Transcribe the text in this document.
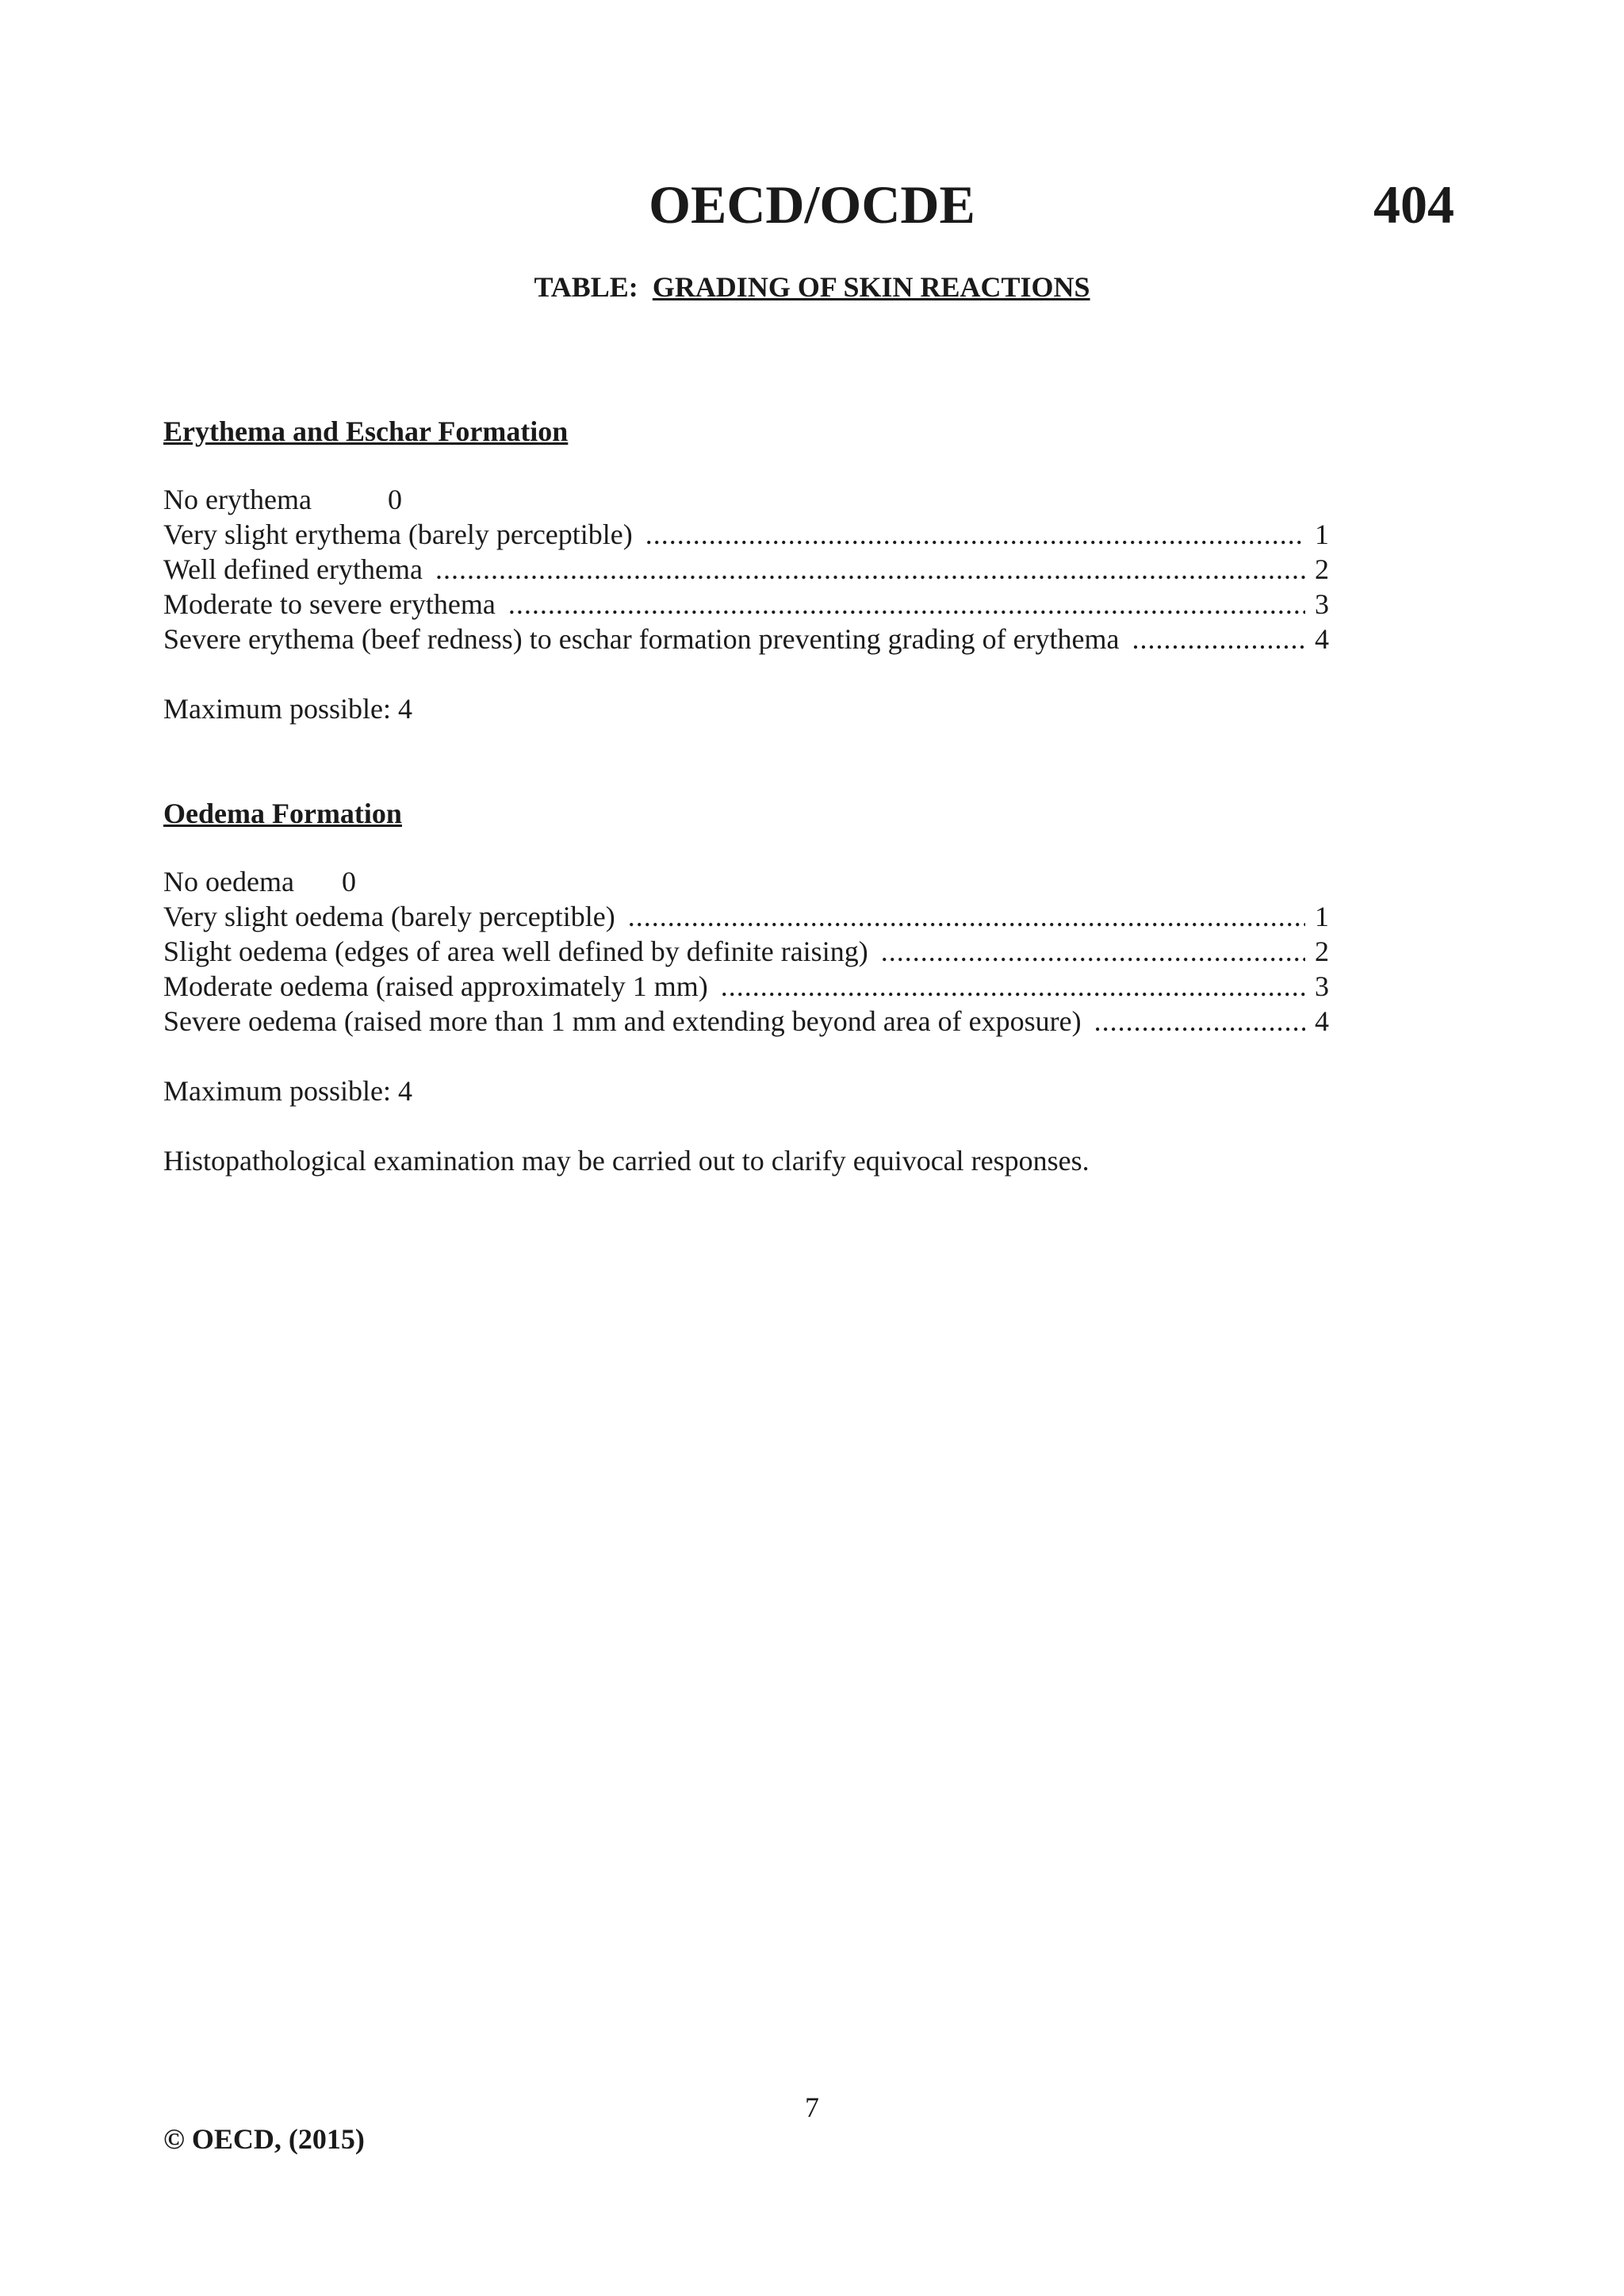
OECD/OCDE	404
TABLE: GRADING OF SKIN REACTIONS
Erythema and Eschar Formation
No erythema	0
Very slight erythema (barely perceptible) .....	1
Well defined erythema .....	2
Moderate to severe erythema .....	3
Severe erythema (beef redness) to eschar formation preventing grading of erythema .....	4
Maximum possible: 4
Oedema Formation
No oedema 0
Very slight oedema (barely perceptible) .....	1
Slight oedema (edges of area well defined by definite raising) .....	2
Moderate oedema (raised approximately 1 mm) .....	3
Severe oedema (raised more than 1 mm and extending beyond area of exposure) .....	4
Maximum possible: 4
Histopathological examination may be carried out to clarify equivocal responses.
7
© OECD, (2015)
